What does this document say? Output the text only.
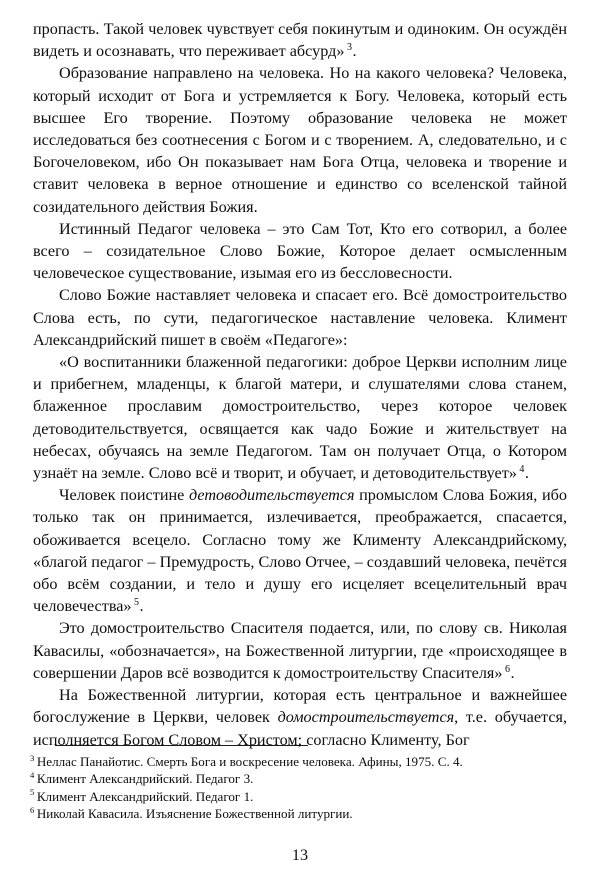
пропасть. Такой человек чувствует себя покинутым и одиноким. Он осуждён видеть и осознавать, что переживает абсурд» $^3$.

Образование направлено на человека. Но на какого человека? Человека, который исходит от Бога и устремляется к Богу. Человека, который есть высшее Его творение. Поэтому образование человека не может исследоваться без соотнесения с Богом и с творением. А, следовательно, и с Богочеловеком, ибо Он показывает нам Бога Отца, человека и творение и ставит человека в верное отношение и единство со вселенской тайной созидательного действия Божия.

Истинный Педагог человека – это Сам Тот, Кто его сотворил, а более всего – созидательное Слово Божие, Которое делает осмысленным человеческое существование, изымая его из бессловесности.

Слово Божие наставляет человека и спасает его. Всё домостроительство Слова есть, по сути, педагогическое наставление человека. Климент Александрийский пишет в своём «Педагоге»:

«О воспитанники блаженной педагогики: доброе Церкви исполним лице и прибегнем, младенцы, к благой матери, и слушателями слова станем, блаженное прославим домостроительство, через которое человек детоводительствуется, освящается как чадо Божие и жительствует на небесах, обучаясь на земле Педагогом. Там он получает Отца, о Котором узнаёт на земле. Слово всё и творит, и обучает, и детоводительствует» $^4$.

Человек поистине детоводительствуется промыслом Слова Божия, ибо только так он принимается, излечивается, преображается, спасается, обоживается всецело. Согласно тому же Клименту Александрийскому, «благой педагог – Премудрость, Слово Отчее, – создавший человека, печётся обо всём создании, и тело и душу его исцеляет всецелительный врач человечества» $^5$.

Это домостроительство Спасителя подается, или, по слову св. Николая Кавасилы, «обозначается», на Божественной литургии, где «происходящее в совершении Даров всё возводится к домостроительству Спасителя» $^6$.

На Божественной литургии, которая есть центральное и важнейшее богослужение в Церкви, человек домостроительствуется, т.е. обучается, исполняется Богом Словом – Христом; согласно Клименту, Бог

$^3$ Неллас Панайотис. Смерть Бога и воскресение человека. Афины, 1975. С. 4.
$^4$ Климент Александрийский. Педагог 3.
$^5$ Климент Александрийский. Педагог 1.
$^6$ Николай Кавасила. Изъяснение Божественной литургии.
13
